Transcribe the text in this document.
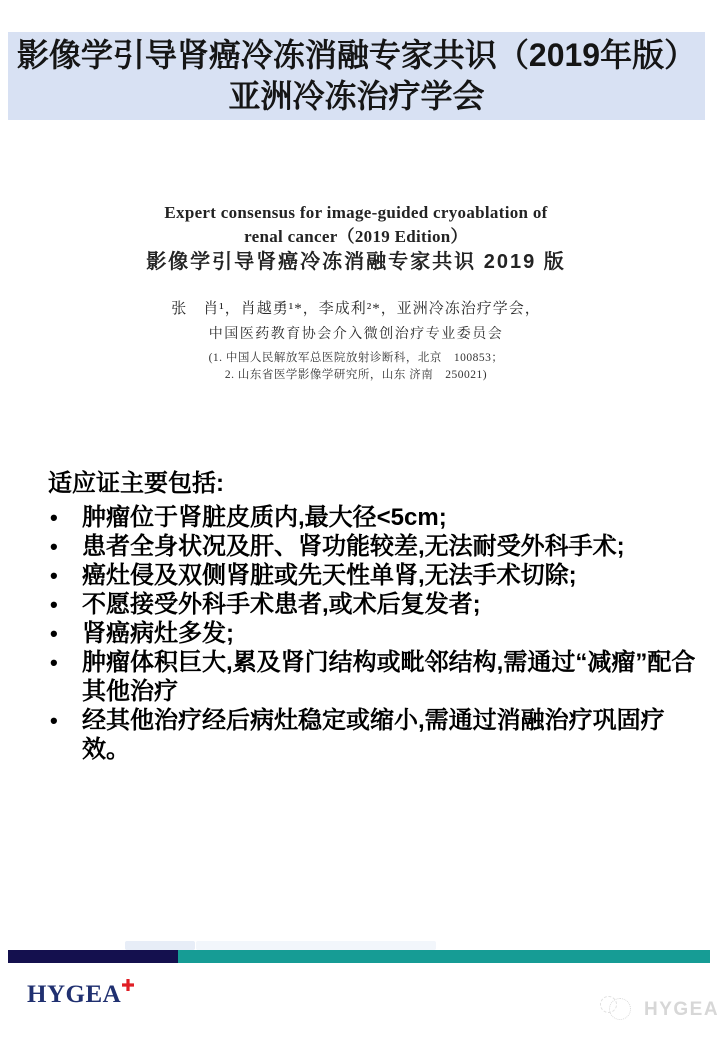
影像学引导肾癌冷冻消融专家共识（2019年版）
亚洲冷冻治疗学会
Expert consensus for image-guided cryoablation of
renal cancer（2019 Edition）
影像学引导肾癌冷冻消融专家共识 2019 版
张　肖¹，肖越勇¹*，李成利²*，亚洲冷冻治疗学会，
中国医药教育协会介入微创治疗专业委员会
(1. 中国人民解放军总医院放射诊断科，北京　100853；
2. 山东省医学影像学研究所，山东 济南　250021)
适应证主要包括:
• 肿瘤位于肾脏皮质内,最大径<5cm;
• 患者全身状况及肝、肾功能较差,无法耐受外科手术;
• 癌灶侵及双侧肾脏或先天性单肾,无法手术切除;
• 不愿接受外科手术患者,或术后复发者;
• 肾癌病灶多发;
• 肿瘤体积巨大,累及肾门结构或毗邻结构,需通过“减瘤”配合其他治疗
• 经其他治疗经后病灶稳定或缩小,需通过消融治疗巩固疗效。
HYGEA
HYGEA
